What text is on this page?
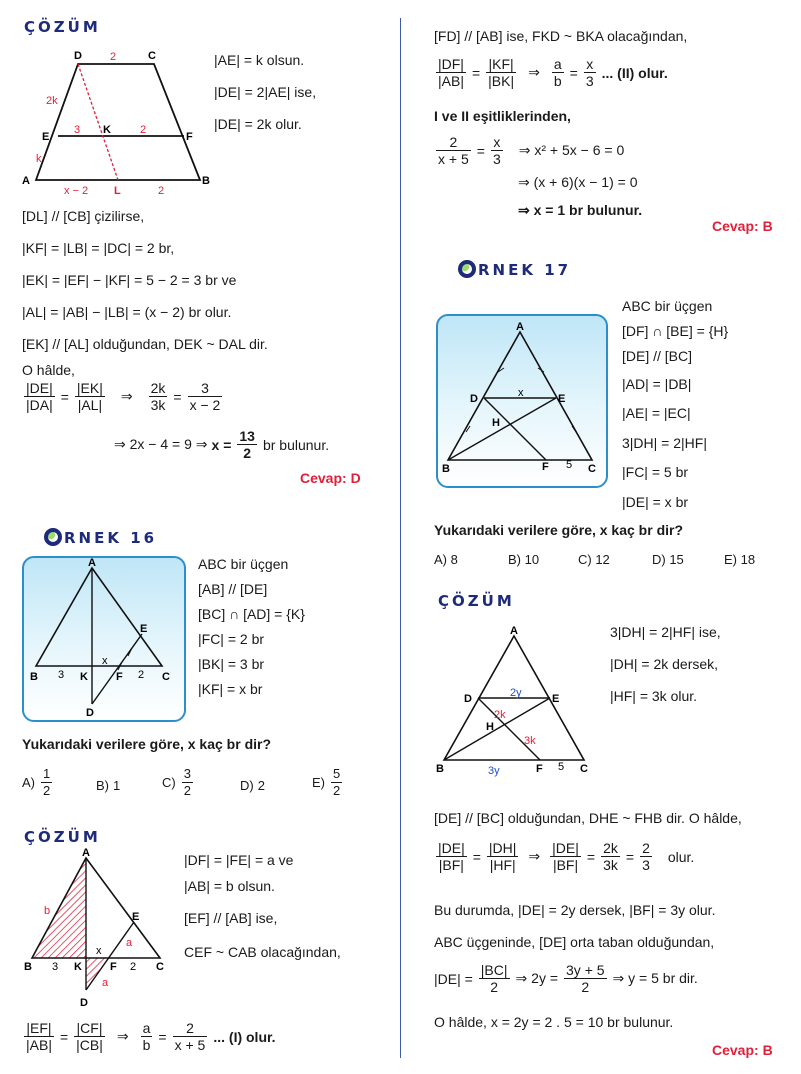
ÇÖZÜM
D	C
2
2k
E	F
3 K	2
k
A	B
x − 2 L	2
|AE| = k olsun.
|DE| = 2|AE| ise,
|DE| = 2k olur.
[DL] // [CB] çizilirse,
|KF| = |LB| = |DC| = 2 br,
|EK| = |EF| − |KF| = 5 − 2 = 3 br ve
|AL| = |AB| − |LB| = (x − 2) br olur.
[EK] // [AL] olduğundan, DEK ~ DAL dir.
O hâlde,
$\frac{|DE|}{|DA|} = \frac{|EK|}{|AL|}$ ⇒ $\frac{2k}{3k} = \frac{3}{x - 2}$
⇒ 2x − 4 = 9 ⇒ $x = \frac{13}{2}$ br bulunur.
Cevap: D
RNEK 16
A
B 3 K
x
F 2 C
E
D
ABC bir üçgen
[AB] // [DE]
[BC] ∩ [AD] = {K}
|FC| = 2 br
|BK| = 3 br
|KF| = x br
Yukarıdaki verilere göre, x kaç br dir?
$A) \frac{1}{2}$	B) 1	$C) \frac{3}{2}$	D) 2	$E) \frac{5}{2}$
ÇÖZÜM
A
b
B 3 K
x
F 2 C
E
a
a
D
|DF| = |FE| = a ve
|AB| = b olsun.
[EF] // [AB] ise,
CEF ~ CAB olacağından,
$\frac{|EF|}{|AB|} = \frac{|CF|}{|CB|}$ ⇒ $\frac{a}{b} = \frac{2}{x + 5}$ ... (I) olur.
[FD] // [AB] ise, FKD ~ BKA olacağından,
$\frac{|DF|}{|AB|} = \frac{|KF|}{|BK|}$ ⇒ $\frac{a}{b} = \frac{x}{3}$ ... (II) olur.
I ve II eşitliklerinden,
$\frac{2}{x + 5} = \frac{x}{3}$ ⇒ x² + 5x − 6 = 0
⇒ (x + 6)(x − 1) = 0
⇒ x = 1 br bulunur.
Cevap: B
RNEK 17
A
D	x	E
H
B	F 5 C
ABC bir üçgen
[DF] ∩ [BE] = {H}
[DE] // [BC]
|AD| = |DB|
|AE| = |EC|
3|DH| = 2|HF|
|FC| = 5 br
|DE| = x br
Yukarıdaki verilere göre, x kaç br dir?
A) 8	B) 10	C) 12	D) 15	E) 18
ÇÖZÜM
A
D	2y	E
2k
H
3k
B	3y	F 5 C
3|DH| = 2|HF| ise,
|DH| = 2k dersek,
|HF| = 3k olur.
[DE] // [BC] olduğundan, DHE ~ FHB dir. O hâlde,
$\frac{|DE|}{|BF|} = \frac{|DH|}{|HF|}$ ⇒ $\frac{|DE|}{|BF|} = \frac{2k}{3k} = \frac{2}{3}$ olur.
Bu durumda, |DE| = 2y dersek, |BF| = 3y olur.
ABC üçgeninde, [DE] orta taban olduğundan,
$|DE| = \frac{|BC|}{2}$ ⇒ $2y = \frac{3y + 5}{2}$ ⇒ y = 5 br dir.
O hâlde, x = 2y = 2 . 5 = 10 br bulunur.
Cevap: B
